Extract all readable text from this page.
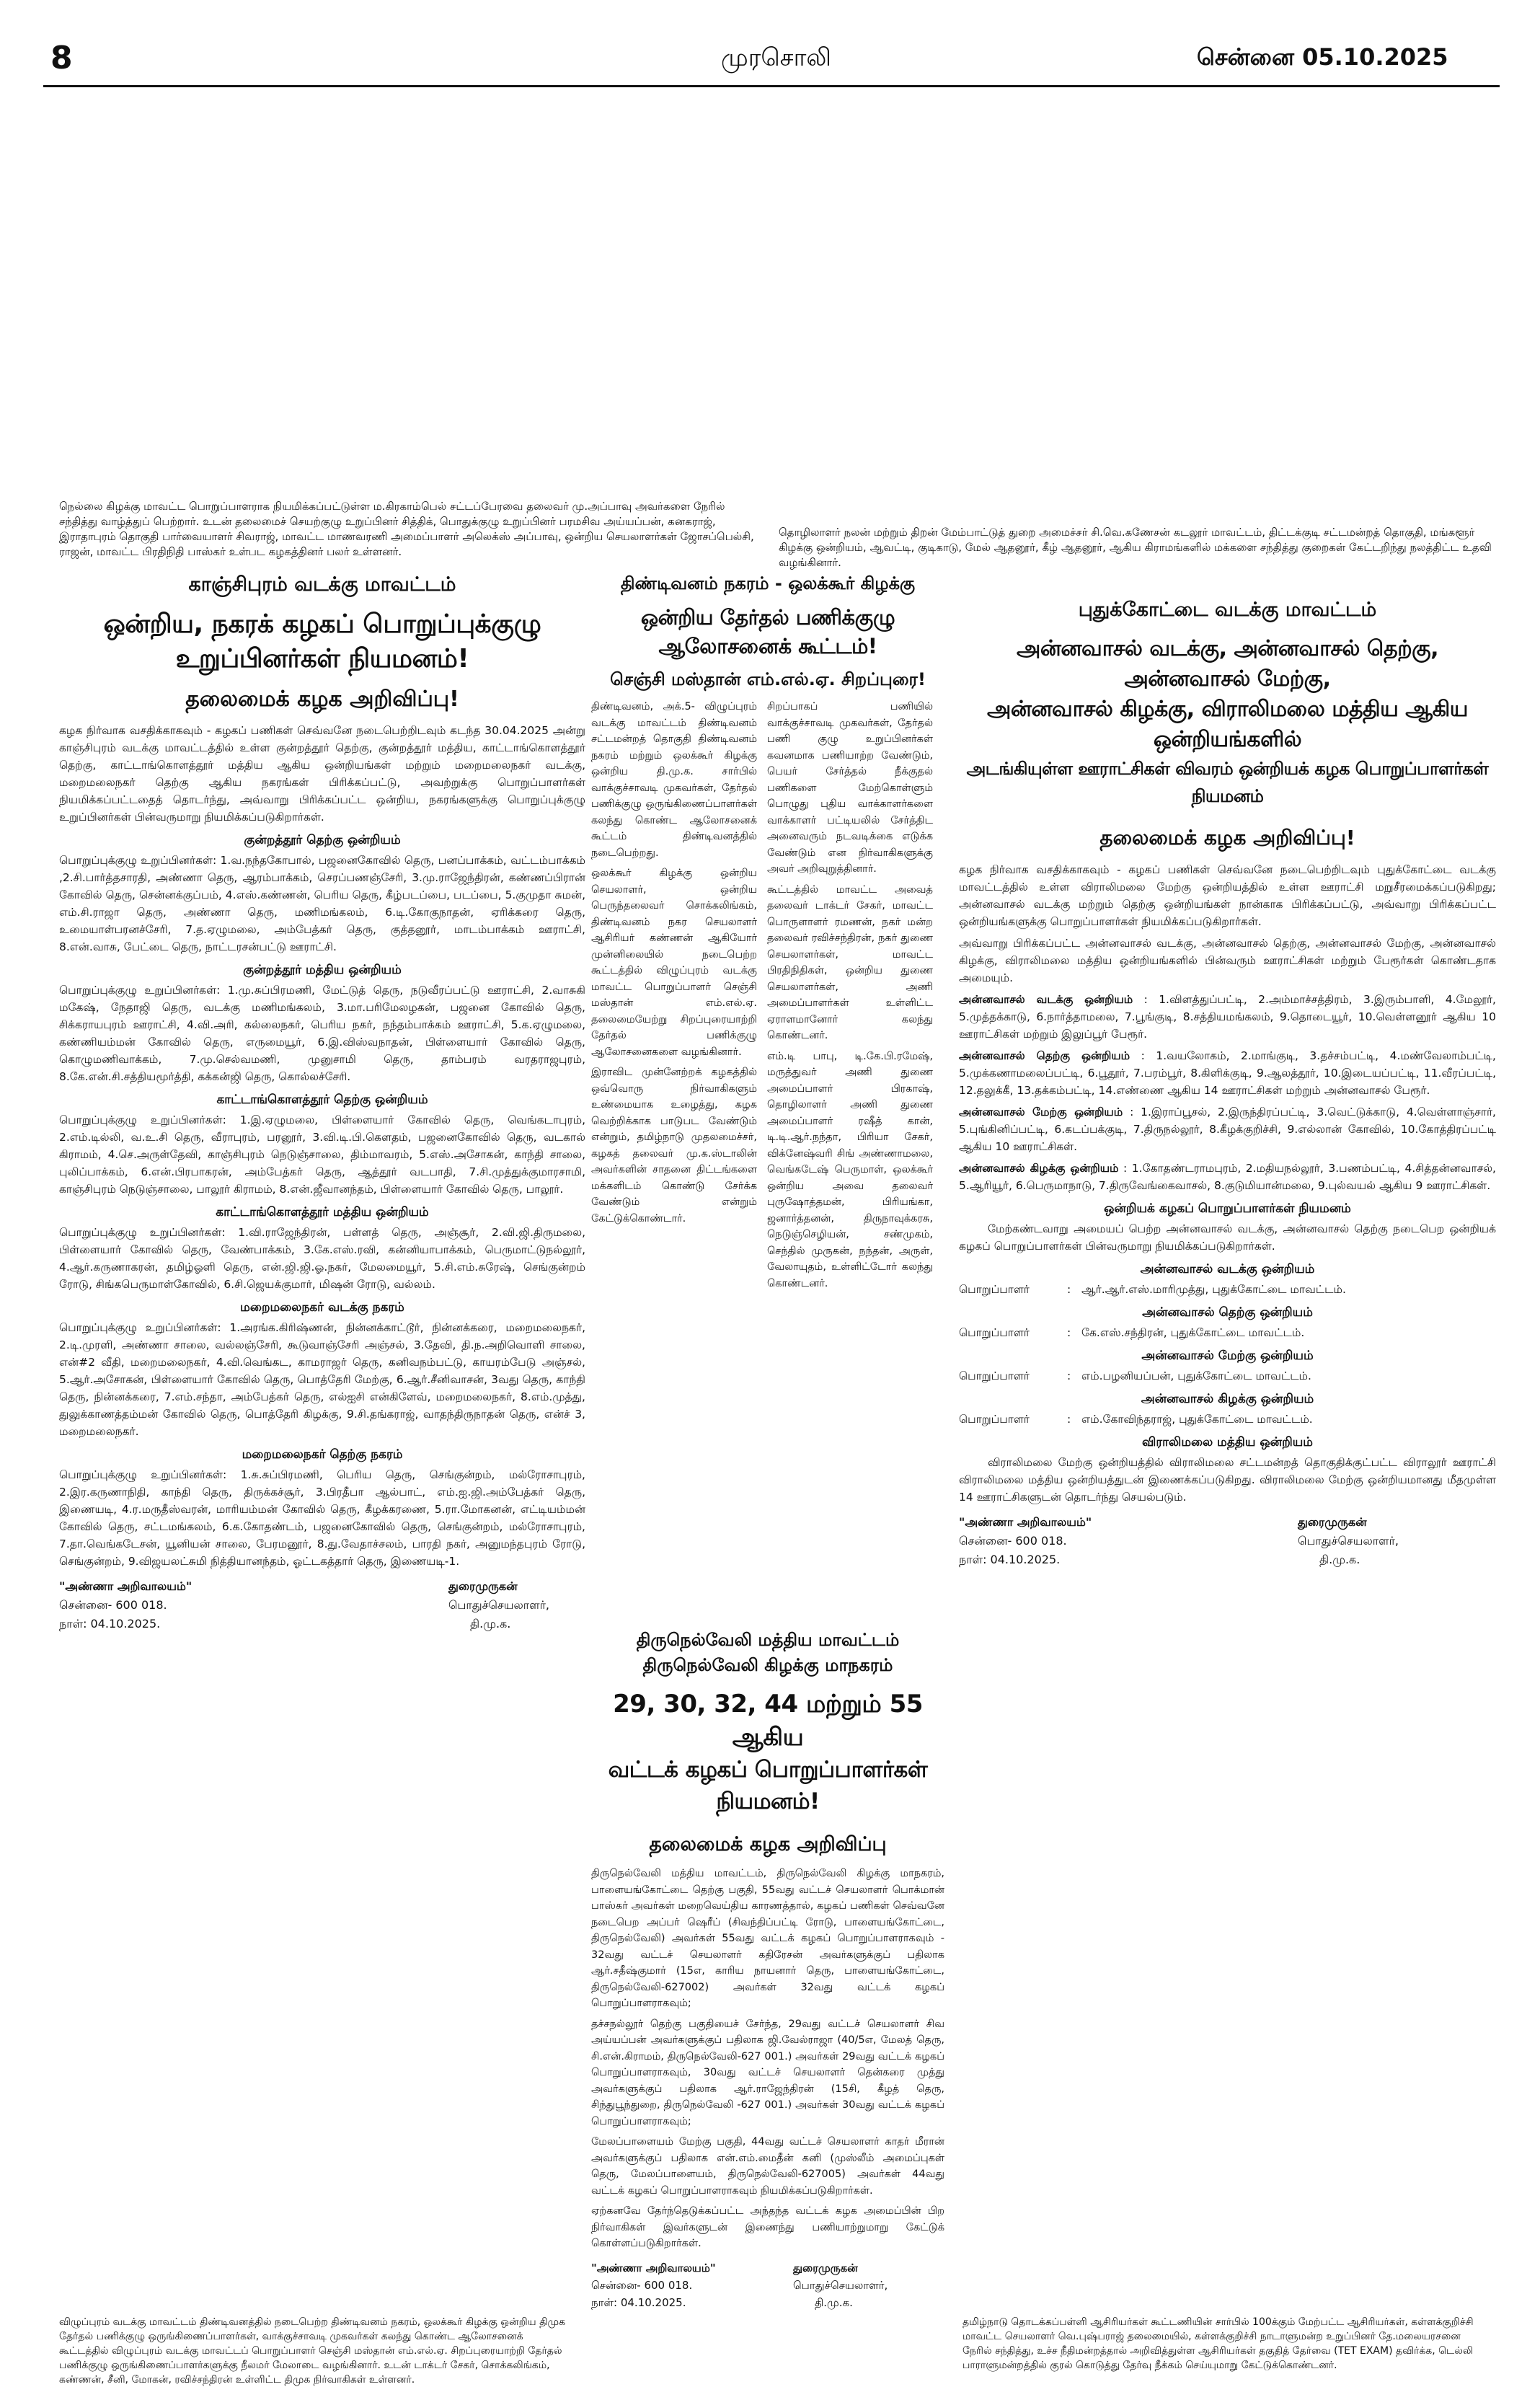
8	முரசொலி	சென்னை 05.10.2025
நெல்லை கிழக்கு மாவட்ட பொறுப்பாளராக நியமிக்கப்பட்டுள்ள ம.கிரகாம்பெல் சட்டப்பேரவை தலைவர் மு.அப்பாவு அவர்களை நேரில் சந்தித்து வாழ்த்துப் பெற்றார். உடன் தலைமைச் செயற்குழு உறுப்பினர் சித்திக், பொதுக்குழு உறுப்பினர் பரமசிவ அய்யப்பன், கனகராஜ், இராதாபுரம் தொகுதி பார்வையாளர் சிவராஜ், மாவட்ட மாணவரணி அமைப்பாளர் அலெக்ஸ் அப்பாவு, ஒன்றிய செயலாளர்கள் ஜோசப்பெல்சி, ராஜன், மாவட்ட பிரதிநிதி பாஸ்கர் உள்பட கழகத்தினர் பலர் உள்ளனர்.
தொழிலாளர் நலன் மற்றும் திறன் மேம்பாட்டுத் துறை அமைச்சர் சி.வெ.கணேசன் கடலூர் மாவட்டம், திட்டக்குடி சட்டமன்றத் தொகுதி, மங்களூர் கிழக்கு ஒன்றியம், ஆவட்டி, குடிகாடு, மேல் ஆதனூர், கீழ் ஆதனூர், ஆகிய கிராமங்களில் மக்களை சந்தித்து குறைகள் கேட்டறிந்து நலத்திட்ட உதவி வழங்கினார்.
காஞ்சிபுரம் வடக்கு மாவட்டம்
ஒன்றிய, நகரக் கழகப் பொறுப்புக்குழு உறுப்பினர்கள் நியமனம்!
தலைமைக் கழக அறிவிப்பு!

கழக நிர்வாக வசதிக்காகவும் - கழகப் பணிகள் செவ்வனே நடைபெற்றிடவும் கடந்த 30.04.2025 அன்று காஞ்சிபுரம் வடக்கு மாவட்டத்தில் உள்ள குன்றத்தூர் தெற்கு, குன்றத்தூர் மத்திய, காட்டாங்கொளத்தூர் தெற்கு, காட்டாங்கொளத்தூர் மத்திய ஆகிய ஒன்றியங்கள் மற்றும் மறைமலைநகர் வடக்கு, மறைமலைநகர் தெற்கு ஆகிய நகரங்கள் பிரிக்கப்பட்டு, அவற்றுக்கு பொறுப்பாளர்கள் நியமிக்கப்பட்டதைத் தொடர்ந்து, அவ்வாறு பிரிக்கப்பட்ட ஒன்றிய, நகரங்களுக்கு பொறுப்புக்குழு உறுப்பினர்கள் பின்வருமாறு நியமிக்கப்படுகிறார்கள்.

குன்றத்தூர் தெற்கு ஒன்றியம்

பொறுப்புக்குழு உறுப்பினர்கள்: 1.வ.நந்தகோபால், பஜனைகோவில் தெரு, பனப்பாக்கம், வட்டம்பாக்கம் ,2.சி.பார்த்தசாரதி, அண்ணா தெரு, ஆரம்பாக்கம், செரப்பணஞ்சேரி, 3.மு.ராஜேந்திரன், கண்ணப்பிரான் கோவில் தெரு, சென்னக்குப்பம், 4.எஸ்.கண்ணன், பெரிய தெரு, கீழ்படப்பை, படப்பை, 5.குமுதா சுமன், எம்.சி.ராஜா தெரு, அண்ணா தெரு, மணிமங்கலம், 6.டி.கோகுநாதன், ஏரிக்கரை தெரு, உமையாள்பரனச்சேரி, 7.த.ஏழுமலை, அம்பேத்கர் தெரு, குத்தனூர், மாடம்பாக்கம் ஊராட்சி, 8.என்.வாசு, பேட்டை தெரு, நாட்டரசன்பட்டு ஊராட்சி.

குன்றத்தூர் மத்திய ஒன்றியம்

பொறுப்புக்குழு உறுப்பினர்கள்: 1.மு.சுப்பிரமணி, மேட்டுத் தெரு, நடுவீரப்பட்டு ஊராட்சி, 2.வாசுகி மகேஷ், நேதாஜி தெரு, வடக்கு மணிமங்கலம், 3.மா.பரிமேலழகன், பஜனை கோவில் தெரு, சிக்கராயபுரம் ஊராட்சி, 4.வி.அரி, கல்லைநகர், பெரிய நகர், நந்தம்பாக்கம் ஊராட்சி, 5.க.ஏழுமலை, கண்ணியம்மன் கோவில் தெரு, எருமையூர், 6.இ.விஸ்வநாதன், பிள்ளையார் கோவில் தெரு, கொழுமணிவாக்கம், 7.மு.செல்வமணி, முனுசாமி தெரு, தாம்பரம் வரதராஜபுரம், 8.கே.என்.சி.சத்தியமூர்த்தி, கக்கன்ஜி தெரு, கொல்லச்சேரி.

காட்டாங்கொளத்தூர் தெற்கு ஒன்றியம்

பொறுப்புக்குழு உறுப்பினர்கள்: 1.இ.ஏழுமலை, பிள்ளையார் கோவில் தெரு, வெங்கடாபுரம், 2.எம்.டில்லி, வ.உ.சி தெரு, வீராபுரம், பரனூர், 3.வி.டி.பி.கௌதம், பஜனைகோவில் தெரு, வடகால் கிராமம், 4.செ.அருள்தேவி, காஞ்சிபுரம் நெடுஞ்சாலை, திம்மாவரம், 5.எஸ்.அசோகன், காந்தி சாலை, புலிப்பாக்கம், 6.என்.பிரபாகரன், அம்பேத்கர் தெரு, ஆத்தூர் வடபாதி, 7.சி.முத்துக்குமாரசாமி, காஞ்சிபுரம் நெடுஞ்சாலை, பாலூர் கிராமம், 8.என்.ஜீவானந்தம், பிள்ளையார் கோவில் தெரு, பாலூர்.

காட்டாங்கொளத்தூர் மத்திய ஒன்றியம்

பொறுப்புக்குழு உறுப்பினர்கள்: 1.வி.ராஜேந்திரன், பள்ளத் தெரு, அஞ்சூர், 2.வி.ஜி.திருமலை, பிள்ளையார் கோவில் தெரு, வேண்பாக்கம், 3.கே.எஸ்.ரவி, கன்னியாபாக்கம், பெருமாட்டுநல்லூர், 4.ஆர்.கருணாகரன், தமிழ்ஓளி தெரு, என்.ஜி.ஜி.ஓ.நகர், மேலமையூர், 5.சி.எம்.சுரேஷ், செங்குன்றம் ரோடு, சிங்கபெருமாள்கோவில், 6.சி.ஜெயக்குமார், மிஷன் ரோடு, வல்லம்.

மறைமலைநகர் வடக்கு நகரம்

பொறுப்புக்குழு உறுப்பினர்கள்: 1.அரங்க.கிரிஷ்ணன், நின்னக்காட்டூர், நின்னக்கரை, மறைமலைநகர், 2.டி.முரளி, அண்ணா சாலை, வல்லஞ்சேரி, கூடுவாஞ்சேரி அஞ்சல், 3.தேவி, தி.ந.அறிவொளி சாலை, என்#2 வீதி, மறைமலைநகர், 4.வி.வெங்கட, காமராஜர் தெரு, கனிவநம்பட்டு, காயரம்பேடு அஞ்சல், 5.ஆர்.அசோகன், பிள்ளையார் கோவில் தெரு, பொத்தேரி மேற்கு, 6.ஆர்.சீனிவாசன், 3வது தெரு, காந்தி தெரு, நின்னக்கரை, 7.எம்.சந்தா, அம்பேத்கர் தெரு, எல்ஐசி என்கிளேவ், மறைமலைநகர், 8.எம்.முத்து, துலுக்காணத்தம்மன் கோவில் தெரு, பொத்தேரி கிழக்கு, 9.சி.தங்கராஜ், வாதந்திருநாதன் தெரு, என்ச் 3, மறைமலைநகர்.

மறைமலைநகர் தெற்கு நகரம்

பொறுப்புக்குழு உறுப்பினர்கள்: 1.சு.சுப்பிரமணி, பெரிய தெரு, செங்குன்றம், மல்ரோசாபுரம், 2.இர.கருணாநிதி, காந்தி தெரு, திருக்கச்சூர், 3.பிரதீபா ஆல்பாட், எம்.ஐ.ஜி.அம்பேத்கர் தெரு, இணையடி, 4.ர.மருதீஸ்வரன், மாரியம்மன் கோவில் தெரு, கீழக்கரணை, 5.ரா.மோகனன், எட்டியம்மன் கோவில் தெரு, சட்டமங்கலம், 6.க.கோதண்டம், பஜனைகோவில் தெரு, செங்குன்றம், மல்ரோசாபுரம், 7.தா.வெங்கடேசன், யூனியன் சாலை, பேரமனூர், 8.து.வேதாச்சலம், பாரதி நகர், அனுமந்தபுரம் ரோடு, செங்குன்றம், 9.விஜயலட்சுமி நித்தியானந்தம், ஓட்டகத்தார் தெரு, இணையடி-1.

"அண்ணா அறிவாலயம்"
சென்னை- 600 018.
நாள்: 04.10.2025.
துரைமுருகன்
பொதுச்செயலாளர்,
தி.மு.க.
திண்டிவனம் நகரம் - ஒலக்கூர் கிழக்கு
ஒன்றிய தேர்தல் பணிக்குழு ஆலோசனைக் கூட்டம்!
செஞ்சி மஸ்தான் எம்.எல்.ஏ. சிறப்புரை!

திண்டிவனம், அக்.5- விழுப்புரம் வடக்கு மாவட்டம் திண்டிவனம் சட்டமன்றத் தொகுதி திண்டிவனம் நகரம் மற்றும் ஒலக்கூர் கிழக்கு ஒன்றிய தி.மு.க. சார்பில் வாக்குச்சாவடி முகவர்கள், தேர்தல் பணிக்குழு ஒருங்கிணைப்பாளர்கள் கலந்து கொண்ட ஆலோசனைக் கூட்டம் திண்டிவனத்தில் நடைபெற்றது.

ஒலக்கூர் கிழக்கு ஒன்றிய செயலாளர், ஒன்றிய பெருந்தலைவர் சொக்கலிங்கம், திண்டிவனம் நகர செயலாளர் ஆசிரியர் கண்ணன் ஆகியோர் முன்னிலையில் நடைபெற்ற கூட்டத்தில் விழுப்புரம் வடக்கு மாவட்ட பொறுப்பாளர் செஞ்சி மஸ்தான் எம்.எல்.ஏ. தலைமையேற்று சிறப்புரையாற்றி தேர்தல் பணிக்குழு ஆலோசனைகளை வழங்கினார்.

இராவிட முன்னேற்றக் கழகத்தில் ஒவ்வொரு நிர்வாகிகளும் உண்மையாக உழைத்து, கழக வெற்றிக்காக பாடுபட வேண்டும் என்றும், தமிழ்நாடு முதலமைச்சர், கழகத் தலைவர் மு.க.ஸ்டாலின் அவர்களின் சாதனை திட்டங்களை மக்களிடம் கொண்டு சேர்க்க வேண்டும் என்றும் கேட்டுக்கொண்டார்.

சிறப்பாகப் பணியில் வாக்குச்சாவடி முகவர்கள், தேர்தல் பணி குழு உறுப்பினர்கள் கவனமாக பணியாற்ற வேண்டும், பெயர் சேர்த்தல் நீக்குதல் பணிகளை மேற்கொள்ளும் பொழுது புதிய வாக்காளர்களை வாக்காளர் பட்டியலில் சேர்த்திட அனைவரும் நடவடிக்கை எடுக்க வேண்டும் என நிர்வாகிகளுக்கு அவர் அறிவுறுத்தினார்.

கூட்டத்தில் மாவட்ட அவைத் தலைவர் டாக்டர் சேகர், மாவட்ட பொருளாளர் ரமணன், நகர் மன்ற தலைவர் ரவிச்சந்திரன், நகர் துணை செயலாளர்கள், மாவட்ட பிரதிநிதிகள், ஒன்றிய துணை செயலாளர்கள், அணி அமைப்பாளர்கள் உள்ளிட்ட ஏராளமானோர் கலந்து கொண்டனர்.

எம்.டி பாபு, டி.கே.பி.ரமேஷ், மருத்துவர் அணி துணை அமைப்பாளர் பிரகாஷ், தொழிலாளர் அணி துணை அமைப்பாளர் ரஷீத் கான், டி.டி.ஆர்.நந்தா, பிரியா சேகர், விக்னேஷ்வரி சிங் அண்ணாமலை, வெங்கடேஷ் பெருமாள், ஒலக்கூர் ஒன்றிய அவை தலைவர் புருஷோத்தமன், பிரியங்கா, ஜனார்த்தனன், திருநாவுக்கரசு, நெடுஞ்செழியன், சண்முகம், செந்தில் முருகன், நந்தன், அருள், வேலாயுதம், உள்ளிட்டோர் கலந்து கொண்டனர்.

திருநெல்வேலி மத்திய மாவட்டம்
திருநெல்வேலி கிழக்கு மாநகரம்
29, 30, 32, 44 மற்றும் 55 ஆகிய
வட்டக் கழகப் பொறுப்பாளர்கள் நியமனம்!
தலைமைக் கழக அறிவிப்பு

திருநெல்வேலி மத்திய மாவட்டம், திருநெல்வேலி கிழக்கு மாநகரம், பாளையங்கோட்டை தெற்கு பகுதி, 55வது வட்டச் செயலாளர் பொக்மான் பாஸ்கர் அவர்கள் மறைவெய்திய காரணத்தால், கழகப் பணிகள் செவ்வனே நடைபெற அப்பர் ஷெரீப் (சிவந்திப்பட்டி ரோடு, பாளையங்கோட்டை, திருநெல்வேலி) அவர்கள் 55வது வட்டக் கழகப் பொறுப்பாளராகவும் - 32வது வட்டச் செயலாளர் கதிரேசன் அவர்களுக்குப் பதிலாக ஆர்.சதீஷ்குமார் (15எ, காரிய நாயனார் தெரு, பாளையங்கோட்டை, திருநெல்வேலி-627002) அவர்கள் 32வது வட்டக் கழகப் பொறுப்பாளராகவும்;

தச்சநல்லூர் தெற்கு பகுதியைச் சேர்ந்த, 29வது வட்டச் செயலாளர் சிவ அய்யப்பன் அவர்களுக்குப் பதிலாக ஜி.வேல்ராஜா (40/5எ, மேலத் தெரு, சி.என்.கிராமம், திருநெல்வேலி-627 001.) அவர்கள் 29வது வட்டக் கழகப் பொறுப்பாளராகவும், 30வது வட்டச் செயலாளர் தென்கரை முத்து அவர்களுக்குப் பதிலாக ஆர்.ராஜேந்திரன் (15சி, கீழத் தெரு, சிந்துபூந்துறை, திருநெல்வேலி -627 001.) அவர்கள் 30வது வட்டக் கழகப் பொறுப்பாளராகவும்;

மேலப்பாளையம் மேற்கு பகுதி, 44வது வட்டச் செயலாளர் காதர் மீரான் அவர்களுக்குப் பதிலாக என்.எம்.மைதீன் கனி (முஸ்லீம் அமைப்புகள் தெரு, மேலப்பாளையம், திருநெல்வேலி-627005) அவர்கள் 44வது வட்டக் கழகப் பொறுப்பாளராகவும் நியமிக்கப்படுகிறார்கள்.

ஏற்கனவே தேர்ந்தெடுக்கப்பட்ட அந்தந்த வட்டக் கழக அமைப்பின் பிற நிர்வாகிகள் இவர்களுடன் இணைந்து பணியாற்றுமாறு கேட்டுக் கொள்ளப்படுகிறார்கள்.

"அண்ணா அறிவாலயம்"
சென்னை- 600 018.
நாள்: 04.10.2025.
துரைமுருகன்
பொதுச்செயலாளர்,
தி.மு.க.
புதுக்கோட்டை வடக்கு மாவட்டம்
அன்னவாசல் வடக்கு, அன்னவாசல் தெற்கு, அன்னவாசல் மேற்கு,
அன்னவாசல் கிழக்கு, விராலிமலை மத்திய ஆகிய ஒன்றியங்களில்
அடங்கியுள்ள ஊராட்சிகள் விவரம் ஒன்றியக் கழக பொறுப்பாளர்கள் நியமனம்
தலைமைக் கழக அறிவிப்பு!

கழக நிர்வாக வசதிக்காகவும் - கழகப் பணிகள் செவ்வனே நடைபெற்றிடவும் புதுக்கோட்டை வடக்கு மாவட்டத்தில் உள்ள விராலிமலை மேற்கு ஒன்றியத்தில் உள்ள ஊராட்சி மறுசீரமைக்கப்படுகிறது; அன்னவாசல் வடக்கு மற்றும் தெற்கு ஒன்றியங்கள் நான்காக பிரிக்கப்பட்டு, அவ்வாறு பிரிக்கப்பட்ட ஒன்றியங்களுக்கு பொறுப்பாளர்கள் நியமிக்கப்படுகிறார்கள்.

அவ்வாறு பிரிக்கப்பட்ட அன்னவாசல் வடக்கு, அன்னவாசல் தெற்கு, அன்னவாசல் மேற்கு, அன்னவாசல் கிழக்கு, விராலிமலை மத்திய ஒன்றியங்களில் பின்வரும் ஊராட்சிகள் மற்றும் பேரூர்கள் கொண்டதாக அமையும்.

அன்னவாசல் வடக்கு ஒன்றியம் : 1.விளத்துப்பட்டி, 2.அம்மாச்சத்திரம், 3.இரும்பாளி, 4.மேலூர், 5.முத்தக்காடு, 6.நார்த்தாமலை, 7.பூங்குடி, 8.சத்தியமங்கலம், 9.தொடையூர், 10.வெள்ளனூர் ஆகிய 10 ஊராட்சிகள் மற்றும் இலுப்பூர் பேரூர்.

அன்னவாசல் தெற்கு ஒன்றியம் : 1.வயலோகம், 2.மாங்குடி, 3.தச்சம்பட்டி, 4.மண்வேலாம்பட்டி, 5.முக்கணாமலைப்பட்டி, 6.பூதூர், 7.பரம்பூர், 8.கிளிக்குடி, 9.ஆலத்தூர், 10.இடையப்பட்டி, 11.வீரப்பட்டி, 12.தலுக்கீ, 13.தக்கம்பட்டி, 14.எண்ணை ஆகிய 14 ஊராட்சிகள் மற்றும் அன்னவாசல் பேரூர்.

அன்னவாசல் மேற்கு ஒன்றியம் : 1.இராப்பூசல், 2.இருந்திரப்பட்டி, 3.வெட்டுக்காடு, 4.வெள்ளாஞ்சார், 5.புங்கினிப்பட்டி, 6.கடப்பக்குடி, 7.திருநல்லூர், 8.கீழக்குறிச்சி, 9.எல்லான் கோவில், 10.கோத்திரப்பட்டி ஆகிய 10 ஊராட்சிகள்.

அன்னவாசல் கிழக்கு ஒன்றியம் : 1.கோதண்டராமபுரம், 2.மதியநல்லூர், 3.பணம்பட்டி, 4.சித்தன்னவாசல், 5.ஆரியூர், 6.பெருமாநாடு, 7.திருவேங்கைவாசல், 8.குடுமியான்மலை, 9.புல்வயல் ஆகிய 9 ஊராட்சிகள்.

ஒன்றியக் கழகப் பொறுப்பாளர்கள் நியமனம்

மேற்கண்டவாறு அமையப் பெற்ற அன்னவாசல் வடக்கு, அன்னவாசல் தெற்கு நடைபெற ஒன்றியக் கழகப் பொறுப்பாளர்கள் பின்வருமாறு நியமிக்கப்படுகிறார்கள்.

அன்னவாசல் வடக்கு ஒன்றியம்
பொறுப்பாளர்	: ஆர்.ஆர்.எஸ்.மாரிமுத்து, புதுக்கோட்டை மாவட்டம்.
அன்னவாசல் தெற்கு ஒன்றியம்
பொறுப்பாளர்	: கே.எஸ்.சந்திரன், புதுக்கோட்டை மாவட்டம்.
அன்னவாசல் மேற்கு ஒன்றியம்
பொறுப்பாளர்	: எம்.பழனியப்பன், புதுக்கோட்டை மாவட்டம்.
அன்னவாசல் கிழக்கு ஒன்றியம்
பொறுப்பாளர்	: எம்.கோவிந்தராஜ், புதுக்கோட்டை மாவட்டம்.
விராலிமலை மத்திய ஒன்றியம்

விராலிமலை மேற்கு ஒன்றியத்தில் விராலிமலை சட்டமன்றத் தொகுதிக்குட்பட்ட விராலூர் ஊராட்சி விராலிமலை மத்திய ஒன்றியத்துடன் இணைக்கப்படுகிறது. விராலிமலை மேற்கு ஒன்றியமானது மீதமுள்ள 14 ஊராட்சிகளுடன் தொடர்ந்து செயல்படும்.

"அண்ணா அறிவாலயம்"
சென்னை- 600 018.
நாள்: 04.10.2025.
துரைமுருகன்
பொதுச்செயலாளர்,
தி.மு.க.
விழுப்புரம் வடக்கு மாவட்டம் திண்டிவனத்தில் நடைபெற்ற திண்டிவனம் நகரம், ஒலக்கூர் கிழக்கு ஒன்றிய திமுக தேர்தல் பணிக்குழு ஒருங்கிணைப்பாளர்கள், வாக்குச்சாவடி முகவர்கள் கலந்து கொண்ட ஆலோசனைக் கூட்டத்தில் விழுப்புரம் வடக்கு மாவட்டப் பொறுப்பாளர் செஞ்சி மஸ்தான் எம்.எல்.ஏ. சிறப்புரையாற்றி தேர்தல் பணிக்குழு ஒருங்கிணைப்பாளர்களுக்கு நீலமர் மேலாடை வழங்கினார். உடன் டாக்டர் சேகர், சொக்கலிங்கம், கண்ணன், சீனி, மோகன், ரவிச்சந்திரன் உள்ளிட்ட திமுக நிர்வாகிகள் உள்ளனர்.
தமிழ்நாடு தொடக்கப்பள்ளி ஆசிரியர்கள் கூட்டணியின் சார்பில் 100க்கும் மேற்பட்ட ஆசிரியர்கள், கள்ளக்குறிச்சி மாவட்ட செயலாளர் வெ.புஷ்பராஜ் தலைமையில், கள்ளக்குறிச்சி நாடாளுமன்ற உறுப்பினர் தே.மலையரசனை நேரில் சந்தித்து, உச்ச நீதிமன்றத்தால் அறிவித்துள்ள ஆசிரியர்கள் தகுதித் தேர்வை (TET EXAM) தவிர்க்க, டெல்லி பாராளுமன்றத்தில் குரல் கொடுத்து தேர்வு நீக்கம் செய்யுமாறு கேட்டுக்கொண்டனர்.
